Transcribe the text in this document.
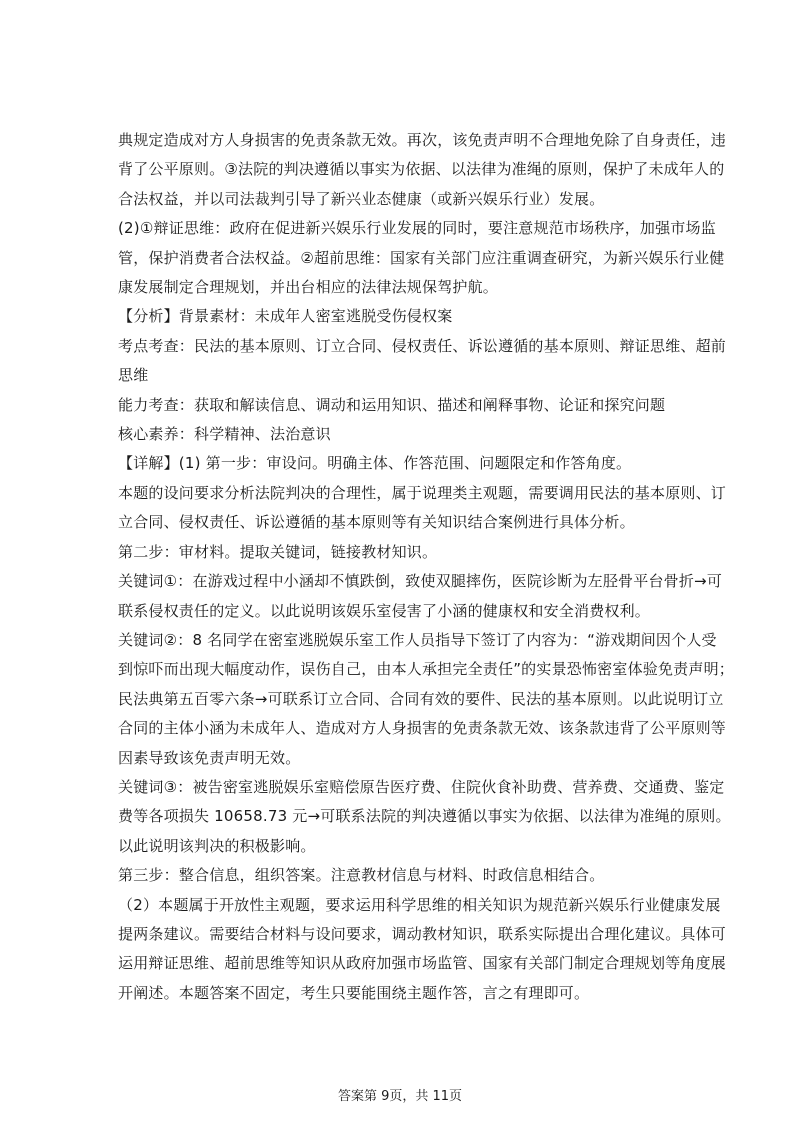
典规定造成对方人身损害的免责条款无效。再次，该免责声明不合理地免除了自身责任，违
背了公平原则。③法院的判决遵循以事实为依据、以法律为准绳的原则，保护了未成年人的
合法权益，并以司法裁判引导了新兴业态健康（或新兴娱乐行业）发展。
(2)①辩证思维：政府在促进新兴娱乐行业发展的同时，要注意规范市场秩序，加强市场监
管，保护消费者合法权益。②超前思维：国家有关部门应注重调查研究，为新兴娱乐行业健
康发展制定合理规划，并出台相应的法律法规保驾护航。
【分析】背景素材：未成年人密室逃脱受伤侵权案
考点考查：民法的基本原则、订立合同、侵权责任、诉讼遵循的基本原则、辩证思维、超前
思维
能力考查：获取和解读信息、调动和运用知识、描述和阐释事物、论证和探究问题
核心素养：科学精神、法治意识
【详解】(1) 第一步：审设问。明确主体、作答范围、问题限定和作答角度。
本题的设问要求分析法院判决的合理性，属于说理类主观题，需要调用民法的基本原则、订
立合同、侵权责任、诉讼遵循的基本原则等有关知识结合案例进行具体分析。
第二步：审材料。提取关键词，链接教材知识。
关键词①：在游戏过程中小涵却不慎跌倒，致使双腿摔伤，医院诊断为左胫骨平台骨折→可
联系侵权责任的定义。以此说明该娱乐室侵害了小涵的健康权和安全消费权利。
关键词②：8 名同学在密室逃脱娱乐室工作人员指导下签订了内容为：“游戏期间因个人受
到惊吓而出现大幅度动作，误伤自己，由本人承担完全责任”的实景恐怖密室体验免责声明；
民法典第五百零六条→可联系订立合同、合同有效的要件、民法的基本原则。以此说明订立
合同的主体小涵为未成年人、造成对方人身损害的免责条款无效、该条款违背了公平原则等
因素导致该免责声明无效。
关键词③：被告密室逃脱娱乐室赔偿原告医疗费、住院伙食补助费、营养费、交通费、鉴定
费等各项损失 10658.73 元→可联系法院的判决遵循以事实为依据、以法律为准绳的原则。
以此说明该判决的积极影响。
第三步：整合信息，组织答案。注意教材信息与材料、时政信息相结合。
（2）本题属于开放性主观题，要求运用科学思维的相关知识为规范新兴娱乐行业健康发展
提两条建议。需要结合材料与设问要求，调动教材知识，联系实际提出合理化建议。具体可
运用辩证思维、超前思维等知识从政府加强市场监管、国家有关部门制定合理规划等角度展
开阐述。本题答案不固定，考生只要能围绕主题作答，言之有理即可。
答案第 9页，共 11页
